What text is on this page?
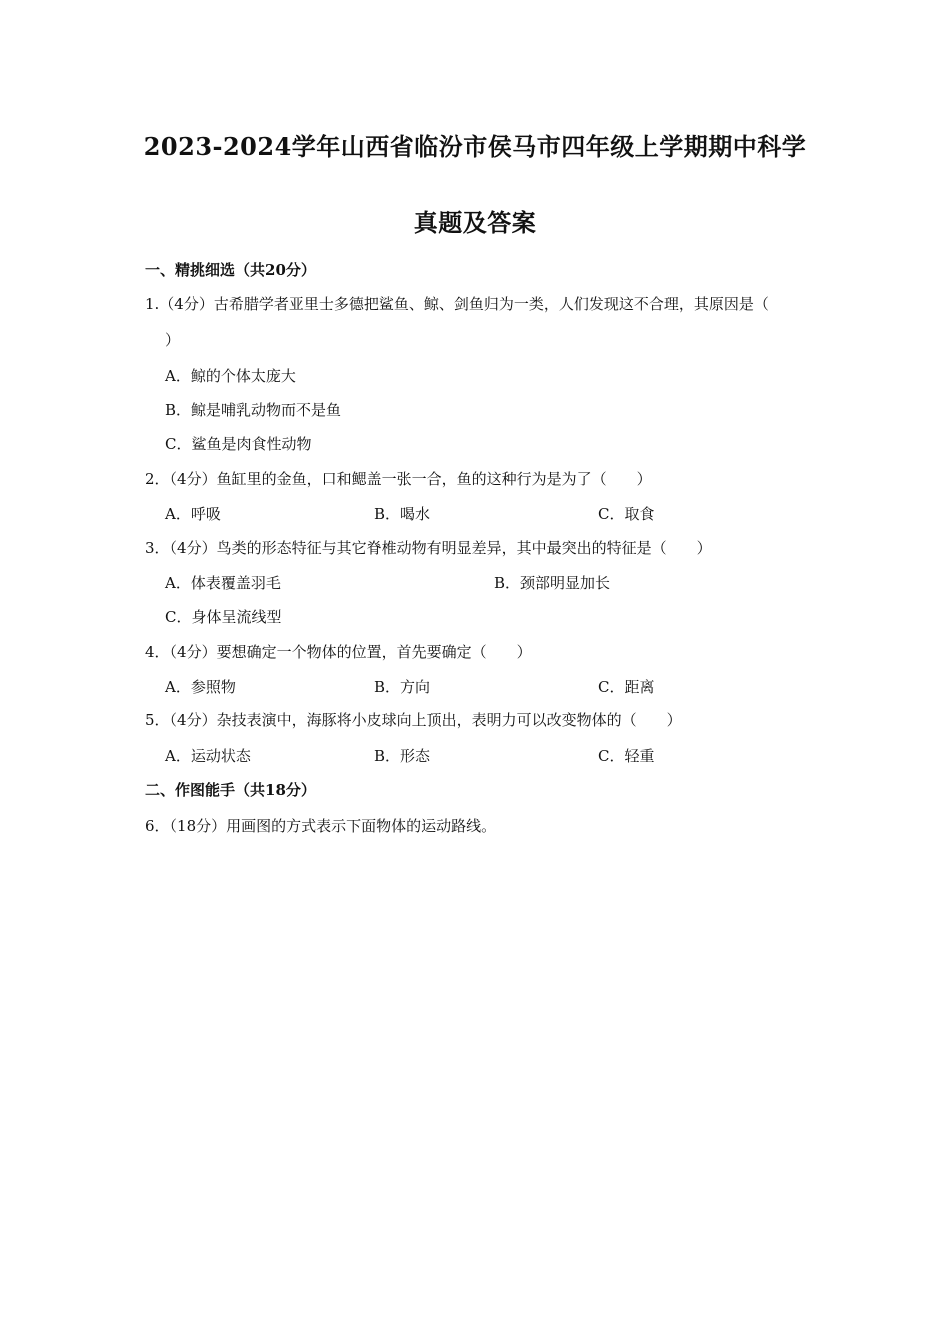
2023-2024学年山西省临汾市侯马市四年级上学期期中科学
真题及答案
一、精挑细选（共20分）
1.（4分）古希腊学者亚里士多德把鲨鱼、鲸、剑鱼归为一类，人们发现这不合理，其原因是（
）
A．鲸的个体太庞大
B．鲸是哺乳动物而不是鱼
C．鲨鱼是肉食性动物
2．（4分）鱼缸里的金鱼，口和鳃盖一张一合，鱼的这种行为是为了（　　）
A．呼吸	B．喝水	C．取食
3．（4分）鸟类的形态特征与其它脊椎动物有明显差异，其中最突出的特征是（　　）
A．体表覆盖羽毛	B．颈部明显加长
C．身体呈流线型
4．（4分）要想确定一个物体的位置，首先要确定（　　）
A．参照物	B．方向	C．距离
5．（4分）杂技表演中，海豚将小皮球向上顶出，表明力可以改变物体的（　　）
A．运动状态	B．形态	C．轻重
二、作图能手（共18分）
6．（18分）用画图的方式表示下面物体的运动路线。
